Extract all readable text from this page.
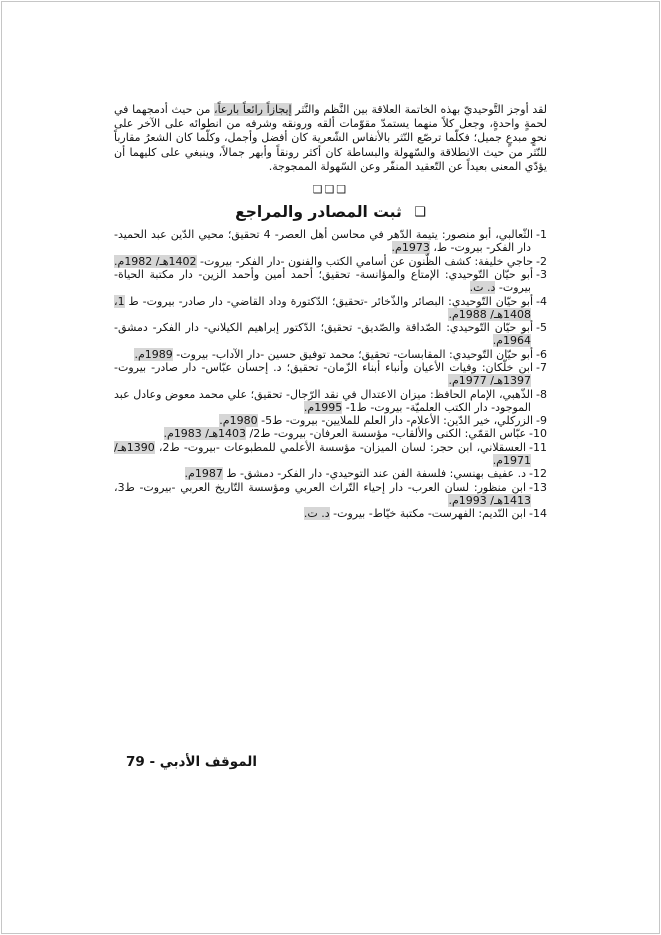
لقد أوجز التَّوحيديّ بهذه الخاتمة العلاقة بين النَّظم والنَّثر إيجازاً رائعاً بارعاً، من حيث أدمجهما في لحمةٍ واحدةٍ، وجعل كلاً منهما يستمدّ مقوّمات ألقه ورونقه وشرفه من انطوائه على الآخر على نحوٍ مبدعٍ جميل؛ فكلّما ترصّع النّثر بالأنفاس الشّعرية كان أفضل وأجمل، وكلّما كان الشعرُ مقارباً للنّثر من حيث الانطلاقة والسّهولة والبساطة كان أكثر رونقاً وأبهر جمالاً، وينبغي على كليهما أن يؤدّي المعنى بعيداً عن التّعقيد المنفّر وعن السّهولة الممجوجة.

❑❑❑
❑ ثبت المصادر والمراجع
1-الثّعالبي، أبو منصور: يتيمة الدّهر في محاسن أهل العصر- 4 تحقيق؛ محيي الدّين عبد الحميد- دار الفكر- بيروت- ط، 1973م.
2-حاجي خليفة: كشف الظّنون عن أسامي الكتب والفنون -دار الفكر- بيروت- 1402هـ/ 1982م.
3-أبو حيّان التّوحيدي: الإمتاع والمؤانسة- تحقيق؛ أحمد أمين وأحمد الزين- دار مكتبة الحياة- بيروت- د. ت.
4-أبو حيّان التّوحيدي: البصائر والذّخائر -تحقيق؛ الدّكتورة وداد القاضي- دار صادر- بيروت- ط 1، 1408هـ/ 1988م.
5-أبو حيّان التّوحيدي: الصّداقة والصّديق- تحقيق؛ الدّكتور إبراهيم الكيلاني- دار الفكر- دمشق- 1964م.
6-أبو حيّان التّوحيدي: المقابسات- تحقيق؛ محمد توفيق حسين -دار الآداب- بيروت- 1989م.
7-ابن خلّكان: وفيات الأعيان وأنباء أبناء الزّمان- تحقيق؛ د. إحسان عبّاس- دار صادر- بيروت- 1397هـ/ 1977م.
8-الذّهبي، الإمام الحافظ: ميزان الاعتدال في نقد الرّجال- تحقيق؛ علي محمد معوض وعادل عبد الموجود- دار الكتب العلميّة- بيروت- ط1- 1995م.
9-الزركلي، خير الدّين: الأعلام- دار العلم للملايين- بيروت- ط5- 1980م.
10-عبّاس القمّي: الكنى والألقاب- مؤسسة العرفان- بيروت- ط2/ 1403هـ/ 1983م.
11-العسقلاني، ابن حجر: لسان الميزان- مؤسسة الأعلمي للمطبوعات -بيروت- ط2، 1390هـ/ 1971م.
12-د. عفيف بهنسي: فلسفة الفن عند التوحيدي- دار الفكر- دمشق- ط 1987م.
13-ابن منظور: لسان العرب- دار إحياء التّراث العربي ومؤسسة التّاريخ العربي -بيروت- ط3، 1413هـ/ 1993م.
14-ابن النّديم: الفهرست- مكتبة خيّاط- بيروت- د. ت.
الموقف الأدبي - 79
